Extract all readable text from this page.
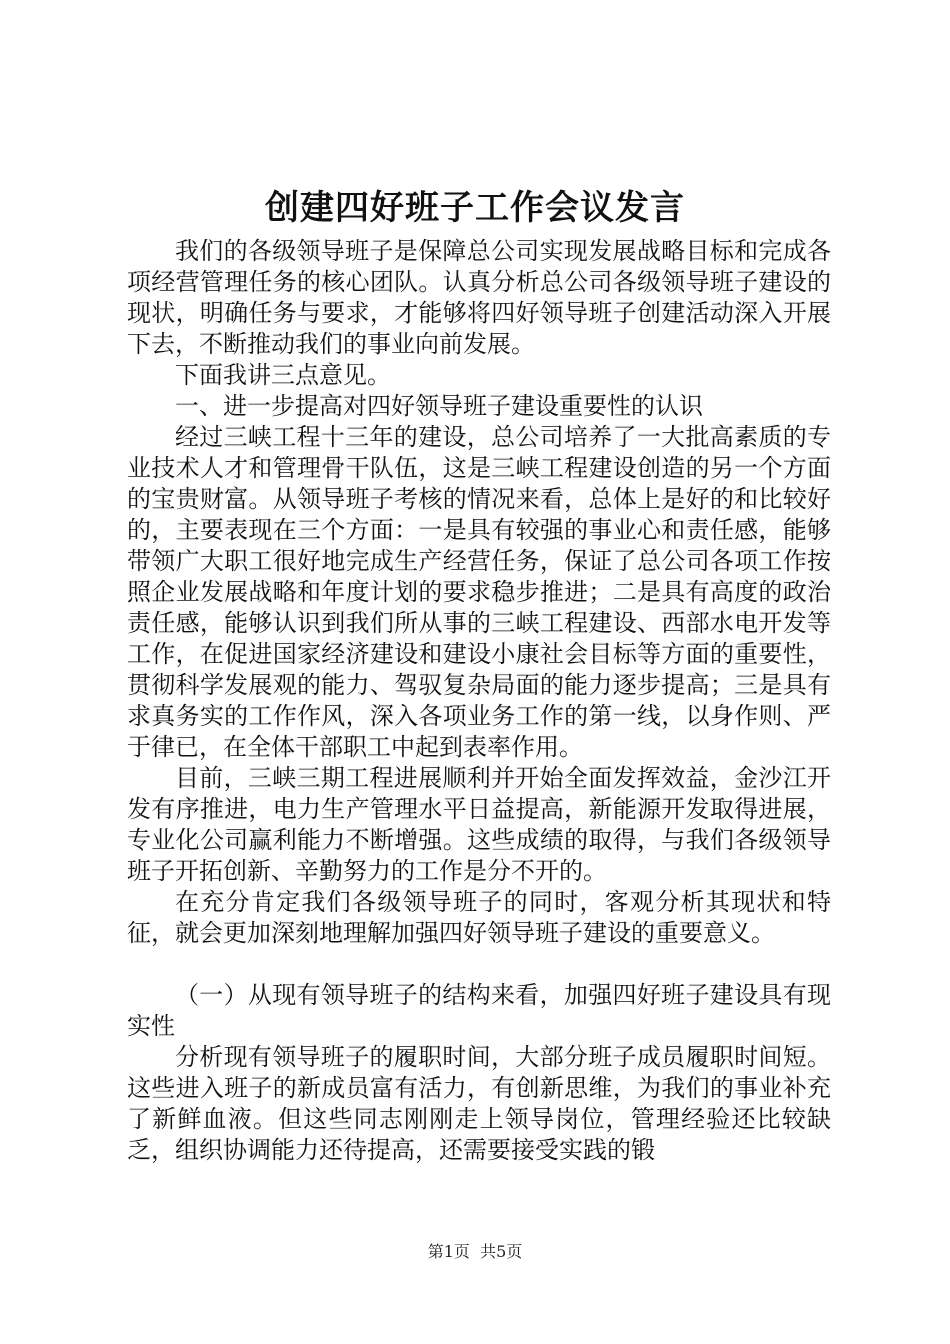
创建四好班子工作会议发言

我们的各级领导班子是保障总公司实现发展战略目标和完成各项经营管理任务的核心团队。认真分析总公司各级领导班子建设的现状，明确任务与要求，才能够将四好领导班子创建活动深入开展下去，不断推动我们的事业向前发展。

下面我讲三点意见。

一、进一步提高对四好领导班子建设重要性的认识

经过三峡工程十三年的建设，总公司培养了一大批高素质的专业技术人才和管理骨干队伍，这是三峡工程建设创造的另一个方面的宝贵财富。从领导班子考核的情况来看，总体上是好的和比较好的，主要表现在三个方面：一是具有较强的事业心和责任感，能够带领广大职工很好地完成生产经营任务，保证了总公司各项工作按照企业发展战略和年度计划的要求稳步推进；二是具有高度的政治责任感，能够认识到我们所从事的三峡工程建设、西部水电开发等工作，在促进国家经济建设和建设小康社会目标等方面的重要性，贯彻科学发展观的能力、驾驭复杂局面的能力逐步提高；三是具有求真务实的工作作风，深入各项业务工作的第一线，以身作则、严于律已，在全体干部职工中起到表率作用。

目前，三峡三期工程进展顺利并开始全面发挥效益，金沙江开发有序推进，电力生产管理水平日益提高，新能源开发取得进展，专业化公司赢利能力不断增强。这些成绩的取得，与我们各级领导班子开拓创新、辛勤努力的工作是分不开的。

在充分肯定我们各级领导班子的同时，客观分析其现状和特征，就会更加深刻地理解加强四好领导班子建设的重要意义。

（一）从现有领导班子的结构来看，加强四好班子建设具有现实性

分析现有领导班子的履职时间，大部分班子成员履职时间短。这些进入班子的新成员富有活力，有创新思维，为我们的事业补充了新鲜血液。但这些同志刚刚走上领导岗位，管理经验还比较缺乏，组织协调能力还待提高，还需要接受实践的锻

第1页 共5页
